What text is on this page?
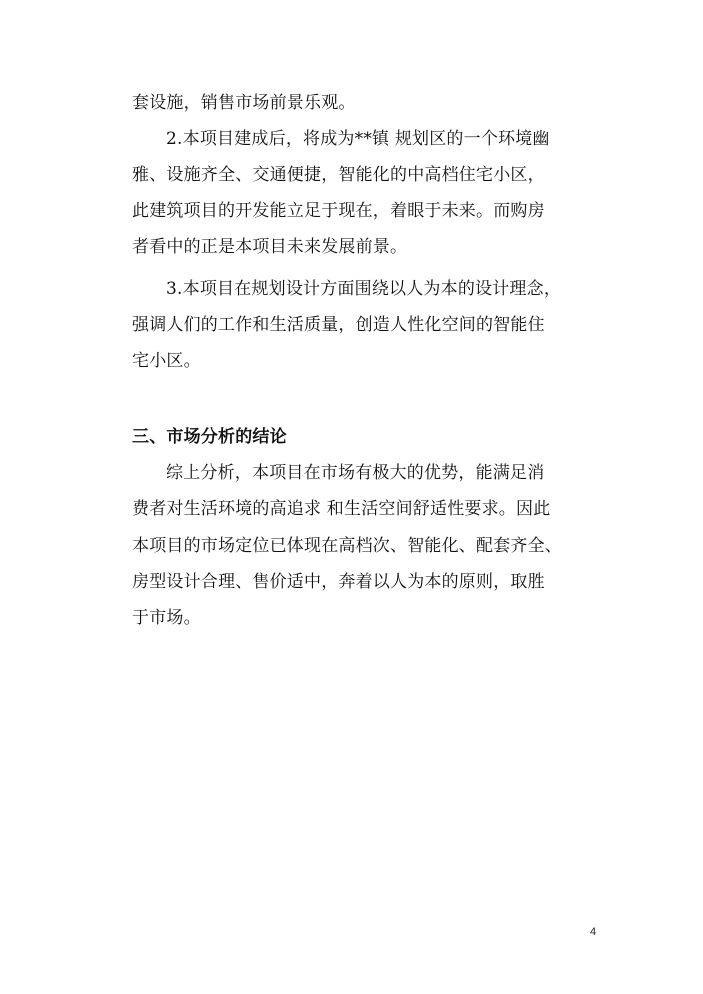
套设施，销售市场前景乐观。
2.本项目建成后，将成为**镇 规划区的一个环境幽
雅、设施齐全、交通便捷，智能化的中高档住宅小区，
此建筑项目的开发能立足于现在，着眼于未来。而购房
者看中的正是本项目未来发展前景。
3.本项目在规划设计方面围绕以人为本的设计理念，
强调人们的工作和生活质量，创造人性化空间的智能住
宅小区。
三、市场分析的结论
综上分析，本项目在市场有极大的优势，能满足消
费者对生活环境的高追求 和生活空间舒适性要求。因此
本项目的市场定位已体现在高档次、智能化、配套齐全、
房型设计合理、售价适中，奔着以人为本的原则，取胜
于市场。
4
